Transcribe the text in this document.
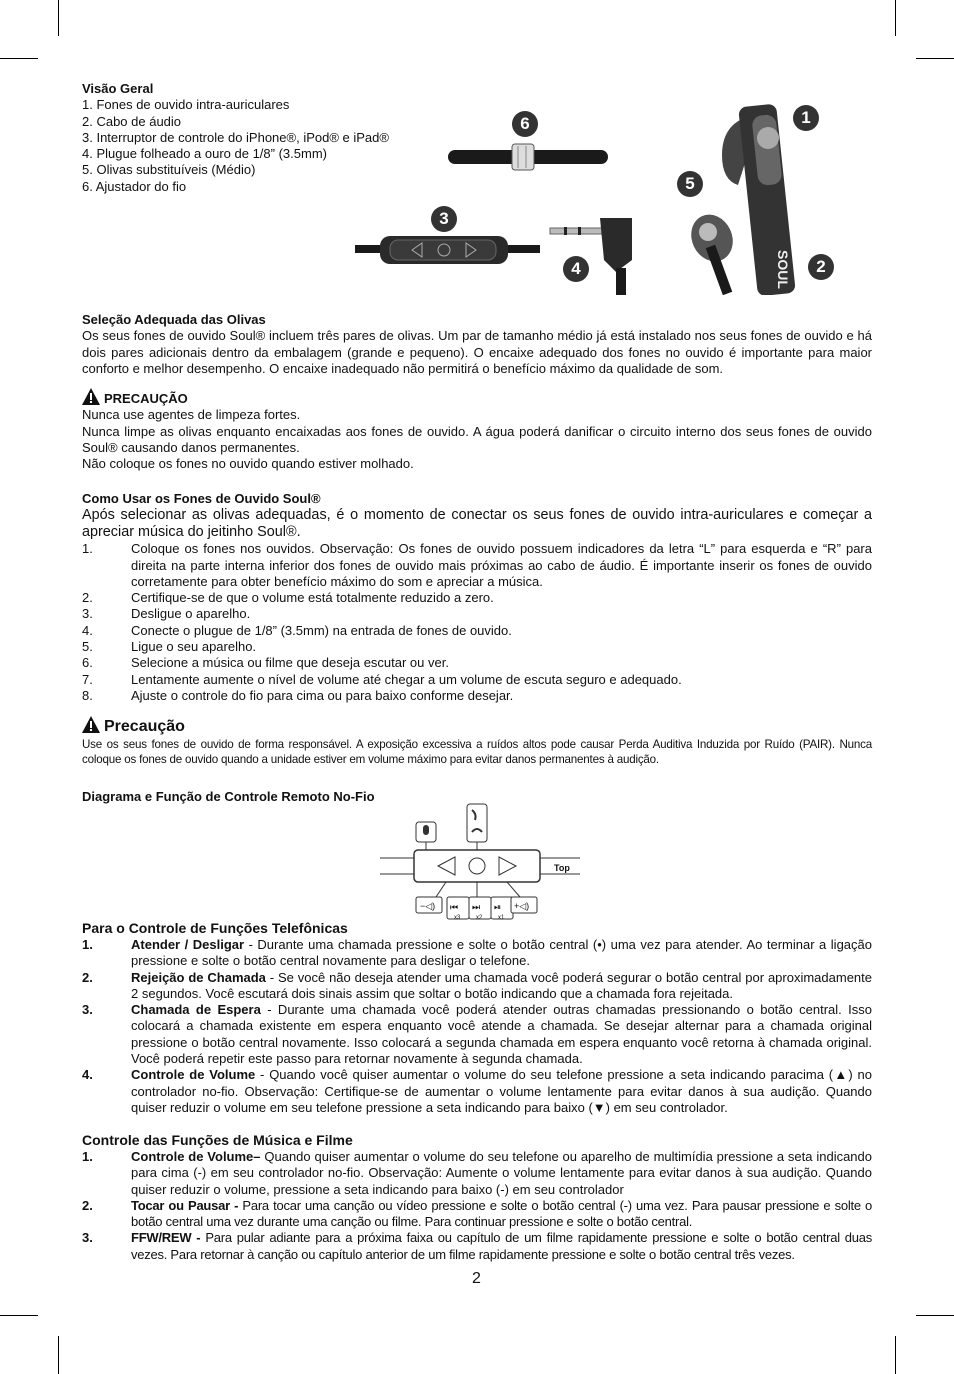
Visão Geral
1. Fones de ouvido intra-auriculares
2. Cabo de áudio
3. Interruptor de controle do iPhone®, iPod® e iPad®
4. Plugue folheado a ouro de 1/8” (3.5mm)
5. Olivas substituíveis (Médio)
6. Ajustador do fio
SOUL
6	1
5
3
4	2
Seleção Adequada das Olivas

Os seus fones de ouvido Soul® incluem três pares de olivas. Um par de tamanho médio já está instalado nos seus fones de ouvido e há dois pares adicionais dentro da embalagem (grande e pequeno). O encaixe adequado dos fones no ouvido é importante para maior conforto e melhor desempenho. O encaixe inadequado não permitirá o benefício máximo da qualidade de som.

PRECAUÇÃO

Nunca use agentes de limpeza fortes.

Nunca limpe as olivas enquanto encaixadas aos fones de ouvido. A água poderá danificar o circuito interno dos seus fones de ouvido Soul® causando danos permanentes.

Não coloque os fones no ouvido quando estiver molhado.

Como Usar os Fones de Ouvido Soul®

Após selecionar as olivas adequadas, é o momento de conectar os seus fones de ouvido intra-auriculares e começar a apreciar música do jeitinho Soul®.

1.	Coloque os fones nos ouvidos. Observação: Os fones de ouvido possuem indicadores da letra “L” para esquerda e “R” para direita na parte interna inferior dos fones de ouvido mais próximas ao cabo de áudio. É importante inserir os fones de ouvido corretamente para obter benefício máximo do som e apreciar a música.
2.	Certifique-se de que o volume está totalmente reduzido a zero.
3.	Desligue o aparelho.
4.	Conecte o plugue de 1/8” (3.5mm) na entrada de fones de ouvido.
5.	Ligue o seu aparelho.
6.	Selecione a música ou filme que deseja escutar ou ver.
7.	Lentamente aumente o nível de volume até chegar a um volume de escuta seguro e adequado.
8.	Ajuste o controle do fio para cima ou para baixo conforme desejar.
Precaução

Use os seus fones de ouvido de forma responsável. A exposição excessiva a ruídos altos pode causar Perda Auditiva Induzida por Ruído (PAIR). Nunca coloque os fones de ouvido quando a unidade estiver em volume máximo para evitar danos permanentes à audição.

Diagrama e Função de Controle Remoto No-Fio
Top
−◁) ⏮
x3
⏭
x2
⏯
x1
+◁)
Para o Controle de Funções Telefônicas
1.	Atender / Desligar - Durante uma chamada pressione e solte o botão central (•) uma vez para atender. Ao terminar a ligação pressione e solte o botão central novamente para desligar o telefone.
2.	Rejeição de Chamada - Se você não deseja atender uma chamada você poderá segurar o botão central por aproximadamente 2 segundos. Você escutará dois sinais assim que soltar o botão indicando que a chamada fora rejeitada.
3.	Chamada de Espera - Durante uma chamada você poderá atender outras chamadas pressionando o botão central. Isso colocará a chamada existente em espera enquanto você atende a chamada. Se desejar alternar para a chamada original pressione o botão central novamente. Isso colocará a segunda chamada em espera enquanto você retorna à chamada original. Você poderá repetir este passo para retornar novamente à segunda chamada.
4.	Controle de Volume - Quando você quiser aumentar o volume do seu telefone pressione a seta indicando paracima (▲) no controlador no-fio. Observação: Certifique-se de aumentar o volume lentamente para evitar danos à sua audição. Quando quiser reduzir o volume em seu telefone pressione a seta indicando para baixo (▼) em seu controlador.
Controle das Funções de Música e Filme
1.	Controle de Volume– Quando quiser aumentar o volume do seu telefone ou aparelho de multimídia pressione a seta indicando para cima (-) em seu controlador no-fio. Observação: Aumente o volume lentamente para evitar danos à sua audição. Quando quiser reduzir o volume, pressione a seta indicando para baixo (-) em seu controlador
2.	Tocar ou Pausar - Para tocar uma canção ou vídeo pressione e solte o botão central (-) uma vez. Para pausar pressione e solte o botão central uma vez durante uma canção ou filme. Para continuar pressione e solte o botão central.
3.	FFW/REW - Para pular adiante para a próxima faixa ou capítulo de um filme rapidamente pressione e solte o botão central duas vezes. Para retornar à canção ou capítulo anterior de um filme rapidamente pressione e solte o botão central três vezes.
2
